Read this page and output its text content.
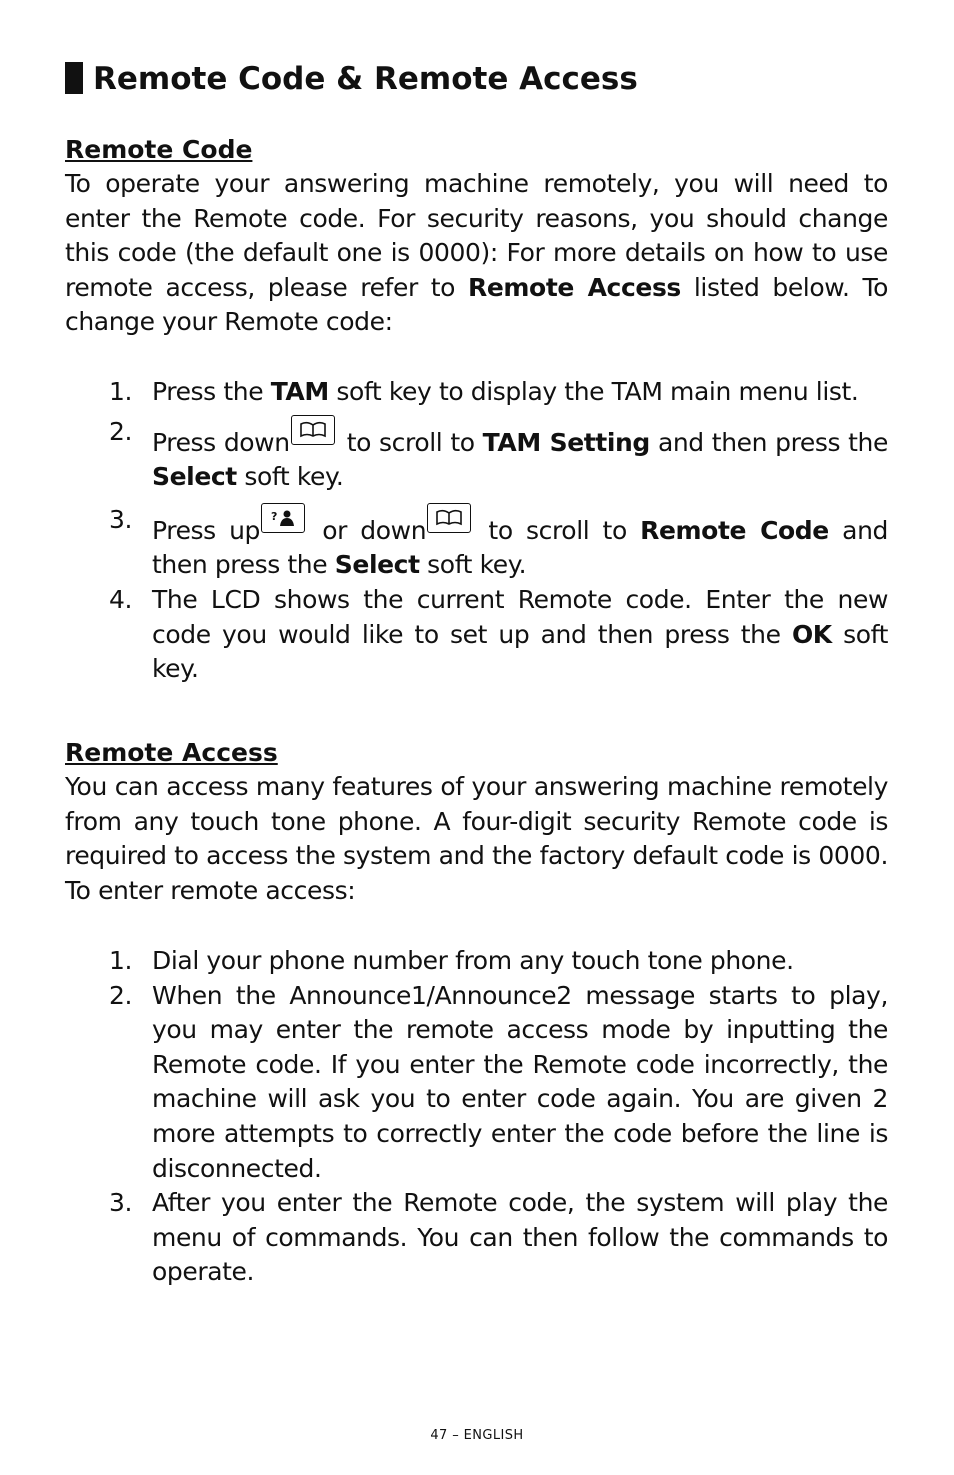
Remote Code & Remote Access
Remote Code

To operate your answering machine remotely, you will need to enter the Remote code. For security reasons, you should change this code (the default one is 0000): For more details on how to use remote access, please refer to Remote Access listed below. To change your Remote code:

1. Press the TAM soft key to display the TAM main menu list.
2. Press down
to scroll to TAM Setting and then press the Select soft key.
3. Press up ? or down
to scroll to Remote Code and then press the Select soft key.
4. The LCD shows the current Remote code. Enter the new code you would like to set up and then press the OK soft key.
Remote Access

You can access many features of your answering machine remotely from any touch tone phone. A four-digit security Remote code is required to access the system and the factory default code is 0000. To enter remote access:

1. Dial your phone number from any touch tone phone.
2. When the Announce1/Announce2 message starts to play, you may enter the remote access mode by inputting the Remote code. If you enter the Remote code incorrectly, the machine will ask you to enter code again. You are given 2 more attempts to correctly enter the code before the line is disconnected.
3. After you enter the Remote code, the system will play the menu of commands. You can then follow the commands to operate.
47 – ENGLISH
